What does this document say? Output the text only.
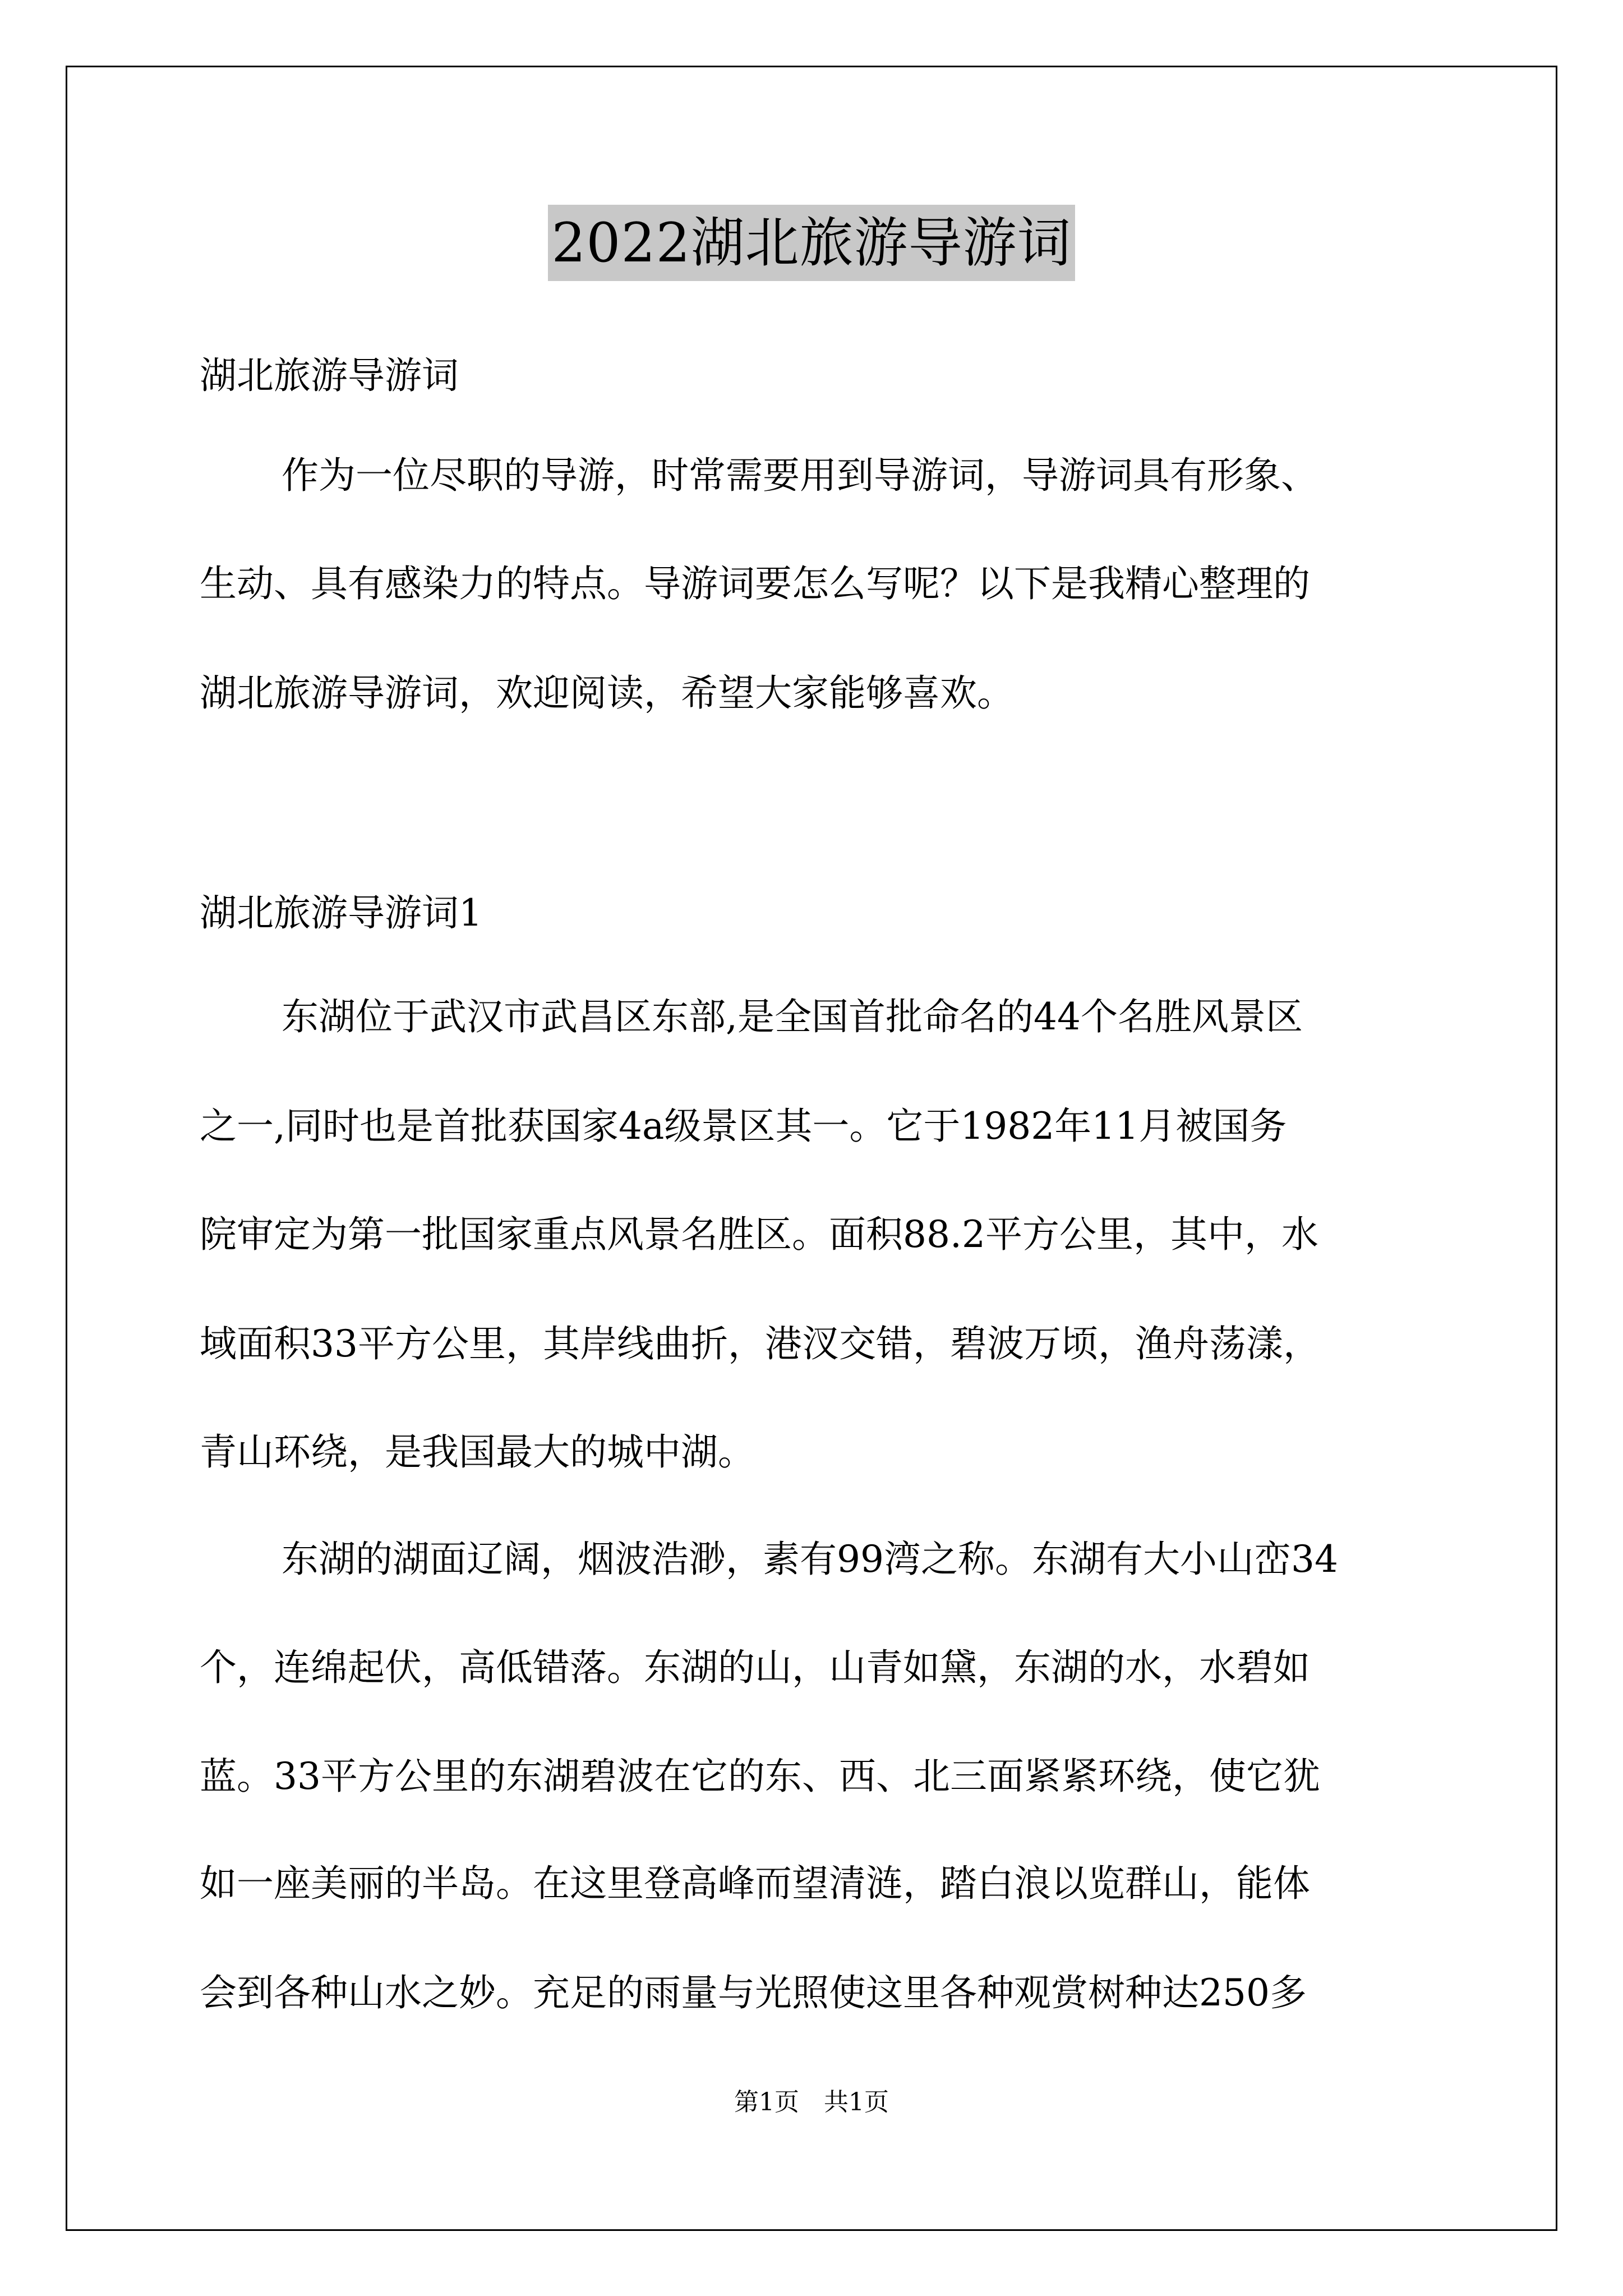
2022湖北旅游导游词
湖北旅游导游词
作为一位尽职的导游，时常需要用到导游词，导游词具有形象、
生动、具有感染力的特点。导游词要怎么写呢？以下是我精心整理的
湖北旅游导游词，欢迎阅读，希望大家能够喜欢。
湖北旅游导游词1
东湖位于武汉市武昌区东部,是全国首批命名的44个名胜风景区
之一,同时也是首批获国家4a级景区其一。它于1982年11月被国务
院审定为第一批国家重点风景名胜区。面积88.2平方公里，其中，水
域面积33平方公里，其岸线曲折，港汊交错，碧波万顷，渔舟荡漾，
青山环绕，是我国最大的城中湖。
东湖的湖面辽阔，烟波浩渺，素有99湾之称。东湖有大小山峦34
个，连绵起伏，高低错落。东湖的山，山青如黛，东湖的水，水碧如
蓝。33平方公里的东湖碧波在它的东、西、北三面紧紧环绕，使它犹
如一座美丽的半岛。在这里登高峰而望清涟，踏白浪以览群山，能体
会到各种山水之妙。充足的雨量与光照使这里各种观赏树种达250多
第1页 共1页
